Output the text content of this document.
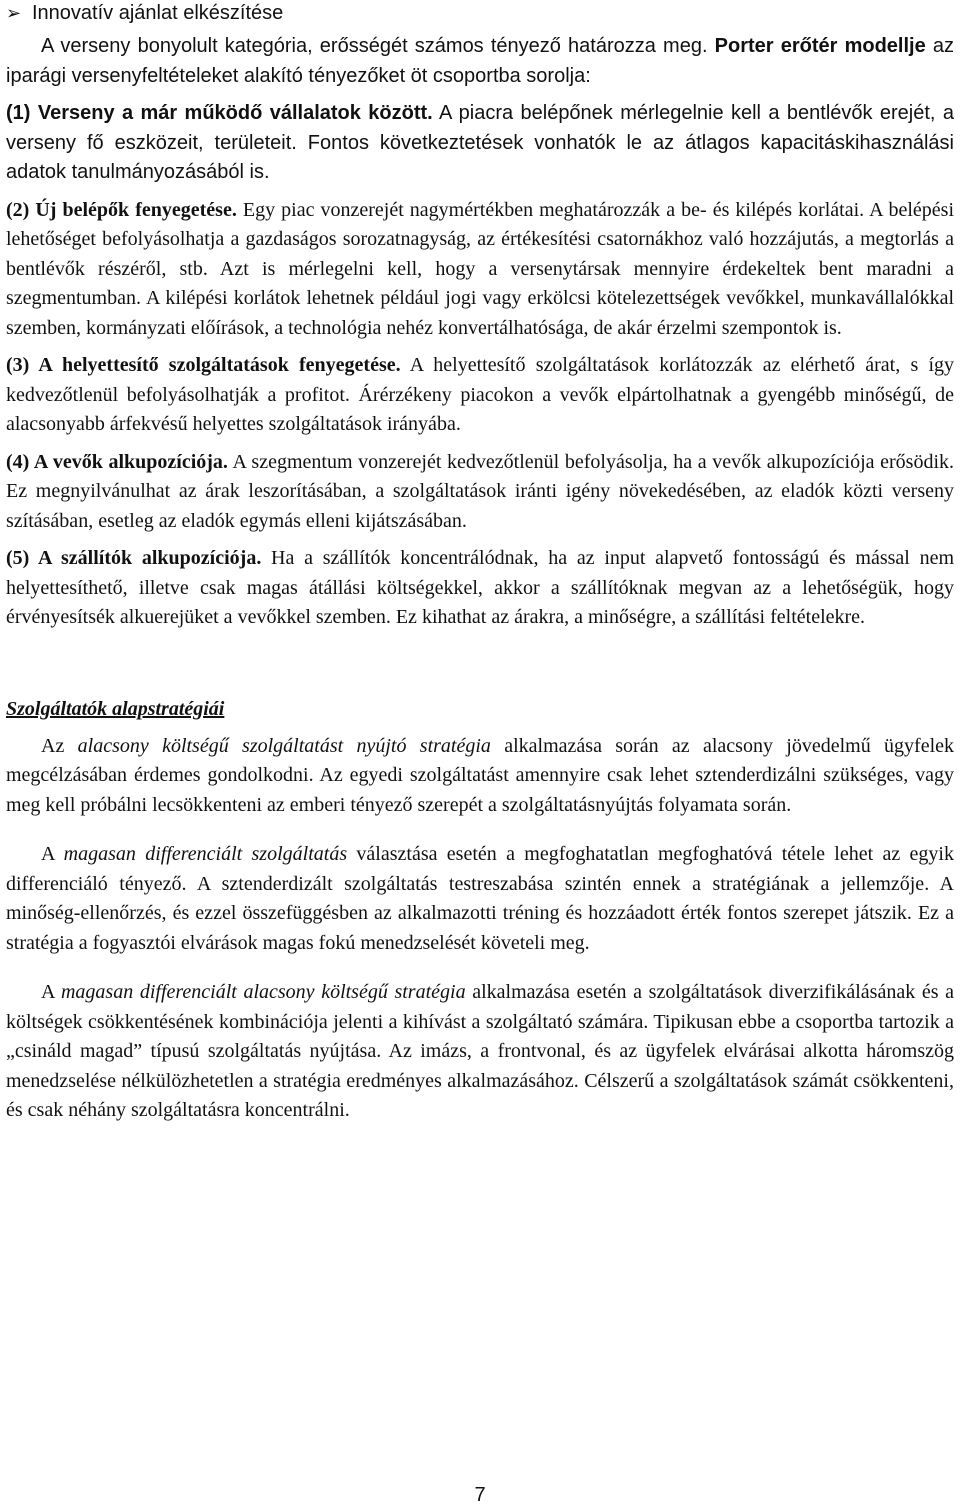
➢ Innovatív ajánlat elkészítése

A verseny bonyolult kategória, erősségét számos tényező határozza meg. Porter erőtér modellje az iparági versenyfeltételeket alakító tényezőket öt csoportba sorolja:

(1) Verseny a már működő vállalatok között. A piacra belépőnek mérlegelnie kell a bentlévők erejét, a verseny fő eszközeit, területeit. Fontos következtetések vonhatók le az átlagos kapacitáskihasználási adatok tanulmányozásából is.

(2) Új belépők fenyegetése. Egy piac vonzerejét nagymértékben meghatározzák a be- és kilépés korlátai. A belépési lehetőséget befolyásolhatja a gazdaságos sorozatnagyság, az értékesítési csatornákhoz való hozzájutás, a megtorlás a bentlévők részéről, stb. Azt is mérlegelni kell, hogy a versenytársak mennyire érdekeltek bent maradni a szegmentumban. A kilépési korlátok lehetnek például jogi vagy erkölcsi kötelezettségek vevőkkel, munkavállalókkal szemben, kormányzati előírások, a technológia nehéz konvertálhatósága, de akár érzelmi szempontok is.

(3) A helyettesítő szolgáltatások fenyegetése. A helyettesítő szolgáltatások korlátozzák az elérhető árat, s így kedvezőtlenül befolyásolhatják a profitot. Árérzékeny piacokon a vevők elpártolhatnak a gyengébb minőségű, de alacsonyabb árfekvésű helyettes szolgáltatások irányába.

(4) A vevők alkupozíciója. A szegmentum vonzerejét kedvezőtlenül befolyásolja, ha a vevők alkupozíciója erősödik. Ez megnyilvánulhat az árak leszorításában, a szolgáltatások iránti igény növekedésében, az eladók közti verseny szításában, esetleg az eladók egymás elleni kijátszásában.

(5) A szállítók alkupozíciója. Ha a szállítók koncentrálódnak, ha az input alapvető fontosságú és mással nem helyettesíthető, illetve csak magas átállási költségekkel, akkor a szállítóknak megvan az a lehetőségük, hogy érvényesítsék alkuerejüket a vevőkkel szemben. Ez kihathat az árakra, a minőségre, a szállítási feltételekre.

Szolgáltatók alapstratégiái

Az alacsony költségű szolgáltatást nyújtó stratégia alkalmazása során az alacsony jövedelmű ügyfelek megcélzásában érdemes gondolkodni. Az egyedi szolgáltatást amennyire csak lehet sztenderdizálni szükséges, vagy meg kell próbálni lecsökkenteni az emberi tényező szerepét a szolgáltatásnyújtás folyamata során.

A magasan differenciált szolgáltatás választása esetén a megfoghatatlan megfoghatóvá tétele lehet az egyik differenciáló tényező. A sztenderdizált szolgáltatás testreszabása szintén ennek a stratégiának a jellemzője. A minőség-ellenőrzés, és ezzel összefüggésben az alkalmazotti tréning és hozzáadott érték fontos szerepet játszik. Ez a stratégia a fogyasztói elvárások magas fokú menedzselését követeli meg.

A magasan differenciált alacsony költségű stratégia alkalmazása esetén a szolgáltatások diverzifikálásának és a költségek csökkentésének kombinációja jelenti a kihívást a szolgáltató számára. Tipikusan ebbe a csoportba tartozik a „csináld magad” típusú szolgáltatás nyújtása. Az imázs, a frontvonal, és az ügyfelek elvárásai alkotta háromszög menedzselése nélkülözhetetlen a stratégia eredményes alkalmazásához. Célszerű a szolgáltatások számát csökkenteni, és csak néhány szolgáltatásra koncentrálni.

7
